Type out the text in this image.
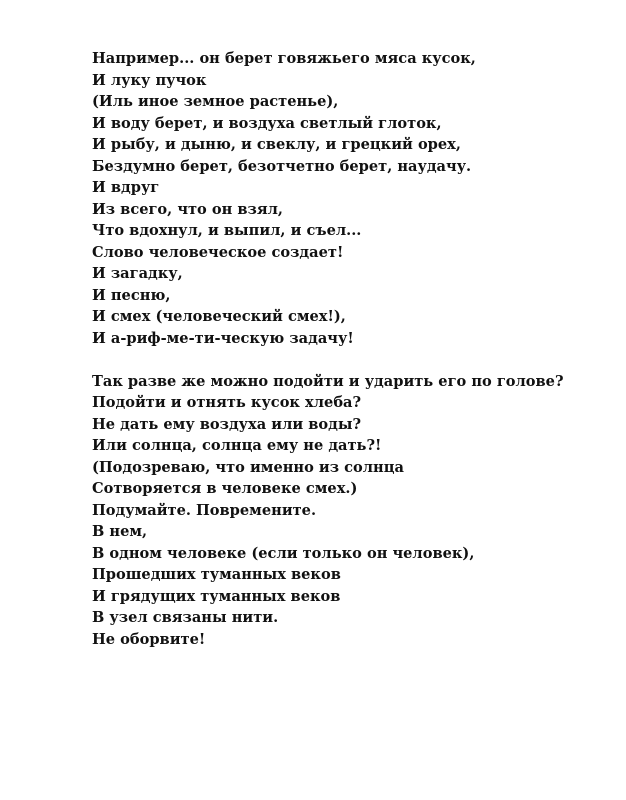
Например... он берет говяжьего мяса кусок,
И луку пучок
(Иль иное земное растенье),
И воду берет, и воздуха светлый глоток,
И рыбу, и дыню, и свеклу, и грецкий орех,
Бездумно берет, безотчетно берет, наудачу.
И вдруг
Из всего, что он взял,
Что вдохнул, и выпил, и съел...
Слово человеческое создает!
И загадку,
И песню,
И смех (человеческий смех!),
И а-риф-ме-ти-ческую задачу!
Так разве же можно подойти и ударить его по голове?
Подойти и отнять кусок хлеба?
Не дать ему воздуха или воды?
Или солнца, солнца ему не дать?!
(Подозреваю, что именно из солнца
Сотворяется в человеке смех.)
Подумайте. Повремените.
В нем,
В одном человеке (если только он человек),
Прошедших туманных веков
И грядущих туманных веков
В узел связаны нити.
Не оборвите!
